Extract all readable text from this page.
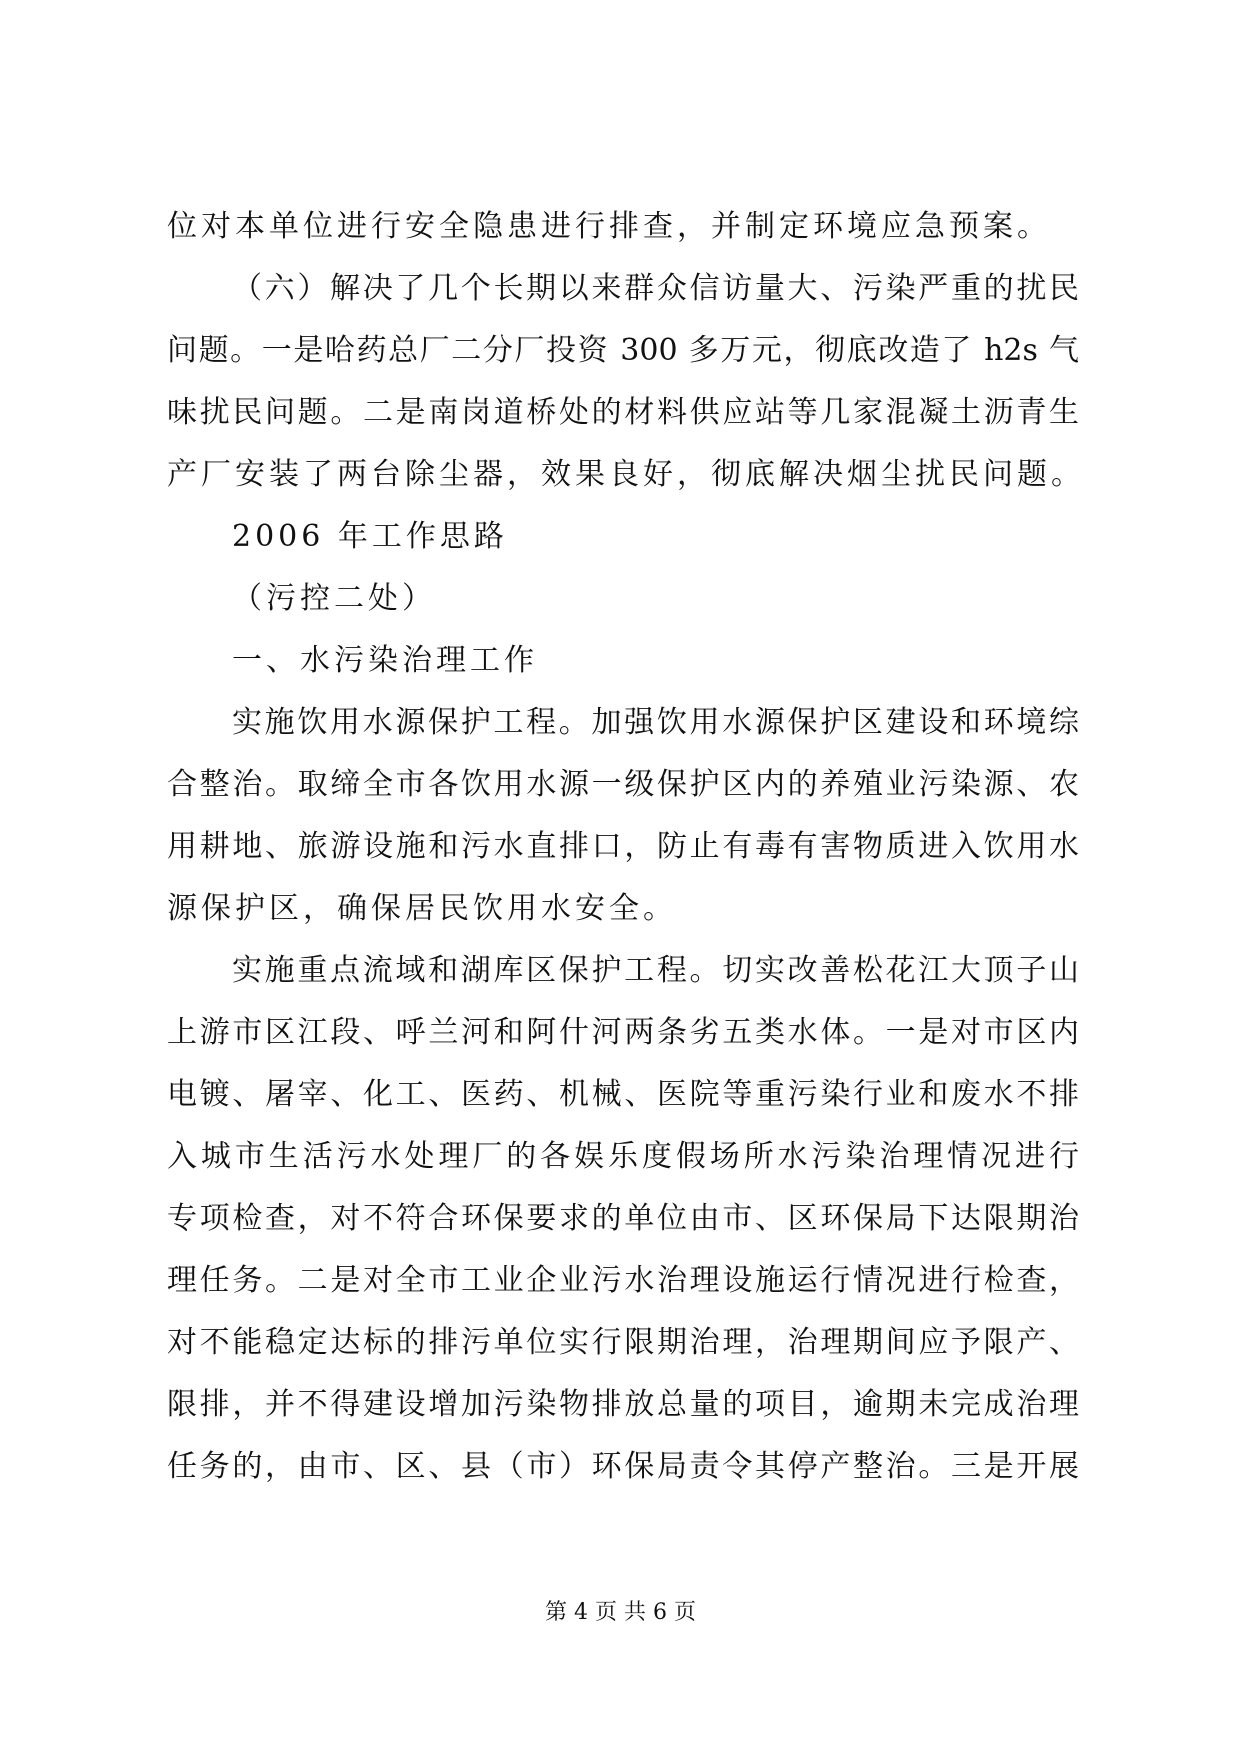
位对本单位进行安全隐患进行排查，并制定环境应急预案。
（六）解决了几个长期以来群众信访量大、污染严重的扰民
问题。一是哈药总厂二分厂投资 300 多万元，彻底改造了 h2s 气
味扰民问题。二是南岗道桥处的材料供应站等几家混凝土沥青生
产厂安装了两台除尘器，效果良好，彻底解决烟尘扰民问题。
2006 年工作思路
（污控二处）
一、水污染治理工作
实施饮用水源保护工程。加强饮用水源保护区建设和环境综
合整治。取缔全市各饮用水源一级保护区内的养殖业污染源、农
用耕地、旅游设施和污水直排口，防止有毒有害物质进入饮用水
源保护区，确保居民饮用水安全。
实施重点流域和湖库区保护工程。切实改善松花江大顶子山
上游市区江段、呼兰河和阿什河两条劣五类水体。一是对市区内
电镀、屠宰、化工、医药、机械、医院等重污染行业和废水不排
入城市生活污水处理厂的各娱乐度假场所水污染治理情况进行
专项检查，对不符合环保要求的单位由市、区环保局下达限期治
理任务。二是对全市工业企业污水治理设施运行情况进行检查，
对不能稳定达标的排污单位实行限期治理，治理期间应予限产、
限排，并不得建设增加污染物排放总量的项目，逾期未完成治理
任务的，由市、区、县（市）环保局责令其停产整治。三是开展
第 4 页 共 6 页
